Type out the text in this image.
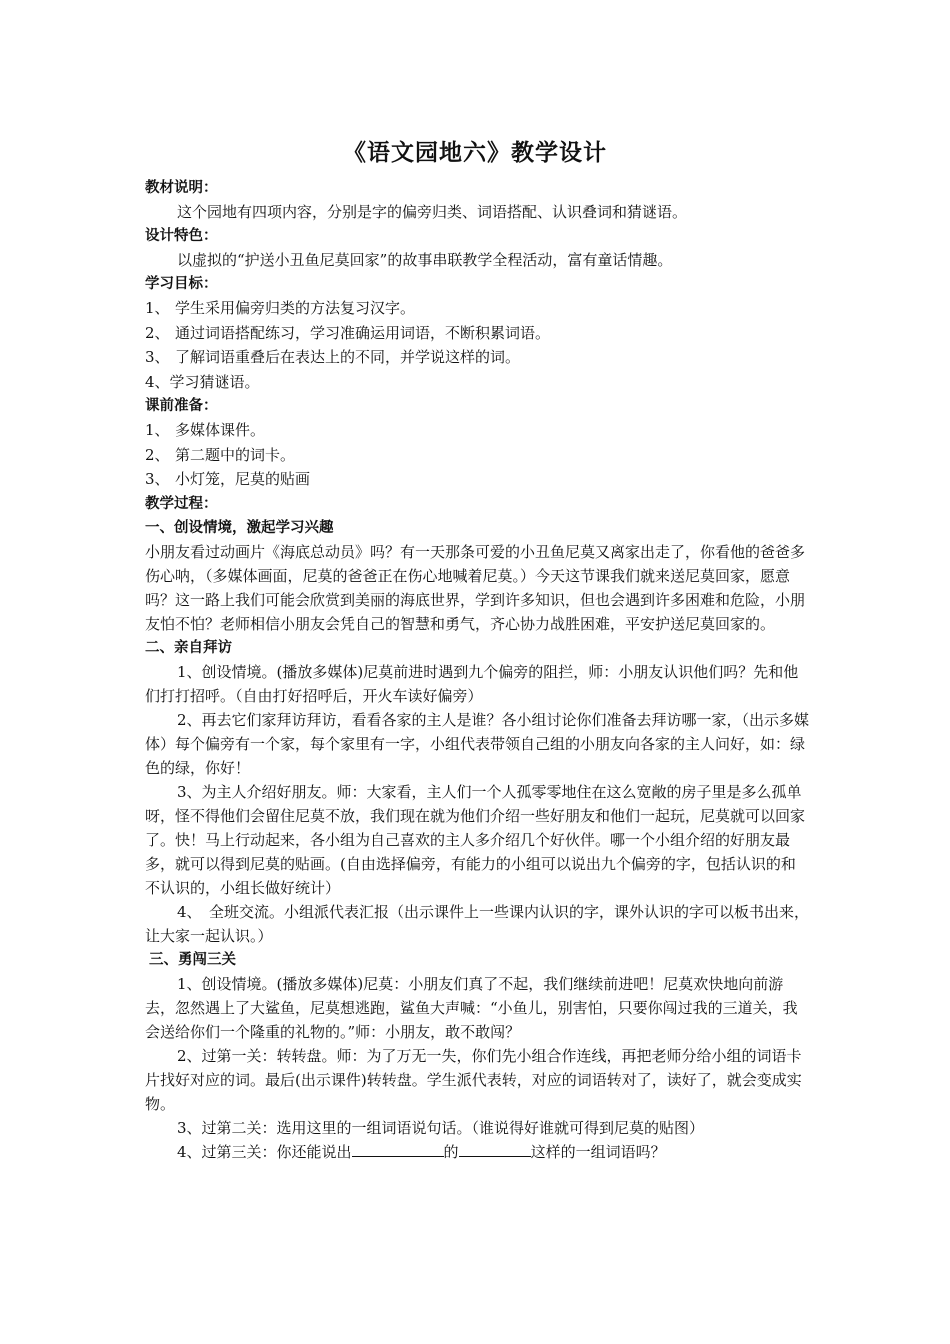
《语文园地六》教学设计

教材说明：

这个园地有四项内容，分别是字的偏旁归类、词语搭配、认识叠词和猜谜语。

设计特色：

以虚拟的“护送小丑鱼尼莫回家”的故事串联教学全程活动，富有童话情趣。

学习目标：

1、 学生采用偏旁归类的方法复习汉字。

2、 通过词语搭配练习，学习准确运用词语，不断积累词语。

3、 了解词语重叠后在表达上的不同，并学说这样的词。

4、学习猜谜语。

课前准备：

1、 多媒体课件。

2、 第二题中的词卡。

3、 小灯笼，尼莫的贴画

教学过程：

一、创设情境，激起学习兴趣

小朋友看过动画片《海底总动员》吗？有一天那条可爱的小丑鱼尼莫又离家出走了，你看他的爸爸多伤心呐，（多媒体画面，尼莫的爸爸正在伤心地喊着尼莫。）今天这节课我们就来送尼莫回家，愿意吗？这一路上我们可能会欣赏到美丽的海底世界，学到许多知识，但也会遇到许多困难和危险，小朋友怕不怕？老师相信小朋友会凭自己的智慧和勇气，齐心协力战胜困难，平安护送尼莫回家的。

二、亲自拜访

1、创设情境。(播放多媒体)尼莫前进时遇到九个偏旁的阻拦，师：小朋友认识他们吗？先和他们打打招呼。（自由打好招呼后，开火车读好偏旁）

2、再去它们家拜访拜访，看看各家的主人是谁？各小组讨论你们准备去拜访哪一家，（出示多媒体）每个偏旁有一个家，每个家里有一字，小组代表带领自己组的小朋友向各家的主人问好，如：绿色的绿，你好！

3、为主人介绍好朋友。师：大家看，主人们一个人孤零零地住在这么宽敞的房子里是多么孤单呀，怪不得他们会留住尼莫不放，我们现在就为他们介绍一些好朋友和他们一起玩，尼莫就可以回家了。快！马上行动起来，各小组为自己喜欢的主人多介绍几个好伙伴。哪一个小组介绍的好朋友最多，就可以得到尼莫的贴画。(自由选择偏旁，有能力的小组可以说出九个偏旁的字，包括认识的和不认识的，小组长做好统计）

4、　全班交流。小组派代表汇报（出示课件上一些课内认识的字，课外认识的字可以板书出来，让大家一起认识。）

三、勇闯三关

1、创设情境。(播放多媒体)尼莫：小朋友们真了不起，我们继续前进吧！尼莫欢快地向前游去，忽然遇上了大鲨鱼，尼莫想逃跑，鲨鱼大声喊：“小鱼儿，别害怕，只要你闯过我的三道关，我会送给你们一个隆重的礼物的。”师：小朋友，敢不敢闯？

2、过第一关：转转盘。师：为了万无一失，你们先小组合作连线，再把老师分给小组的词语卡片找好对应的词。最后(出示课件)转转盘。学生派代表转，对应的词语转对了，读好了，就会变成实物。

3、过第二关：选用这里的一组词语说句话。（谁说得好谁就可得到尼莫的贴图）

4、过第三关：你还能说出	的	这样的一组词语吗？
